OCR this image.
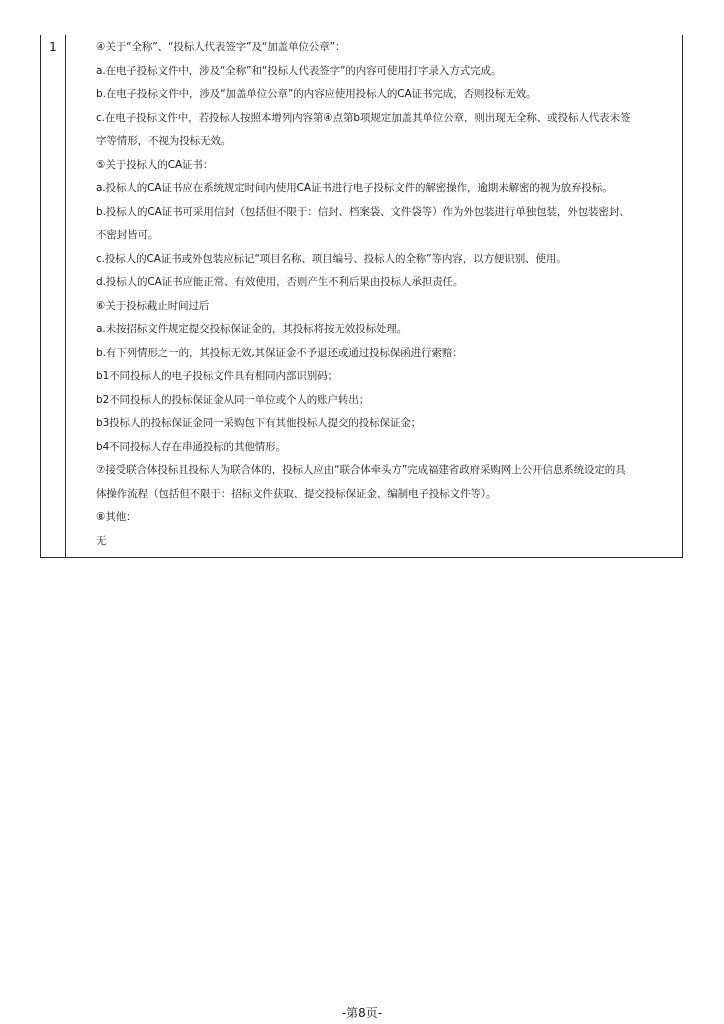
1	④关于“全称”、“投标人代表签字”及“加盖单位公章”：
a.在电子投标文件中，涉及“全称”和“投标人代表签字”的内容可使用打字录入方式完成。
b.在电子投标文件中，涉及“加盖单位公章”的内容应使用投标人的CA证书完成，否则投标无效。
c.在电子投标文件中，若投标人按照本增列内容第④点第b项规定加盖其单位公章，则出现无全称、或投标人代表未签
字等情形，不视为投标无效。
⑤关于投标人的CA证书：
a.投标人的CA证书应在系统规定时间内使用CA证书进行电子投标文件的解密操作，逾期未解密的视为放弃投标。
b.投标人的CA证书可采用信封（包括但不限于：信封、档案袋、文件袋等）作为外包装进行单独包装，外包装密封、
不密封皆可。
c.投标人的CA证书或外包装应标记“项目名称、项目编号、投标人的全称”等内容，以方便识别、使用。
d.投标人的CA证书应能正常、有效使用，否则产生不利后果由投标人承担责任。
⑥关于投标截止时间过后
a.未按招标文件规定提交投标保证金的，其投标将按无效投标处理。
b.有下列情形之一的，其投标无效,其保证金不予退还或通过投标保函进行索赔：
b1不同投标人的电子投标文件具有相同内部识别码；
b2不同投标人的投标保证金从同一单位或个人的账户转出；
b3投标人的投标保证金同一采购包下有其他投标人提交的投标保证金；
b4不同投标人存在串通投标的其他情形。
⑦接受联合体投标且投标人为联合体的，投标人应由“联合体牵头方”完成福建省政府采购网上公开信息系统设定的具
体操作流程（包括但不限于：招标文件获取、提交投标保证金、编制电子投标文件等）。
⑧其他：
无
-第8页-
